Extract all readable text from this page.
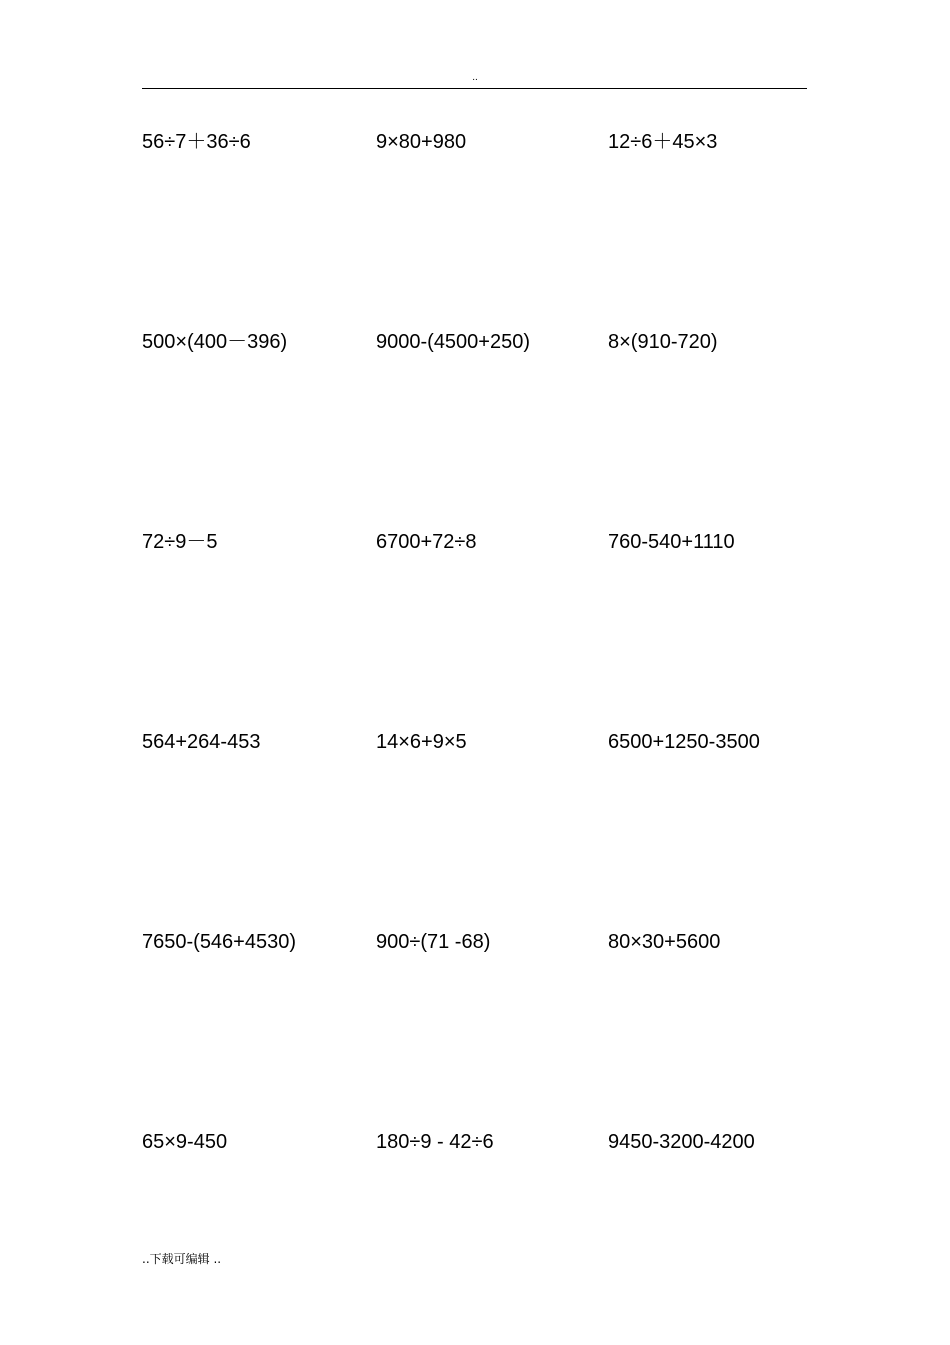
..
56÷7＋36÷6	9×80+980	12÷6＋45×3
500×(400－396)	9000-(4500+250)	8×(910-720)
72÷9－5	6700+72÷8	760-540+1110
564+264-453	14×6+9×5	6500+1250-3500
7650-(546+4530)	900÷(71 -68)	80×30+5600
65×9-450	180÷9 - 42÷6	9450-3200-4200
..下载可编辑 ..
